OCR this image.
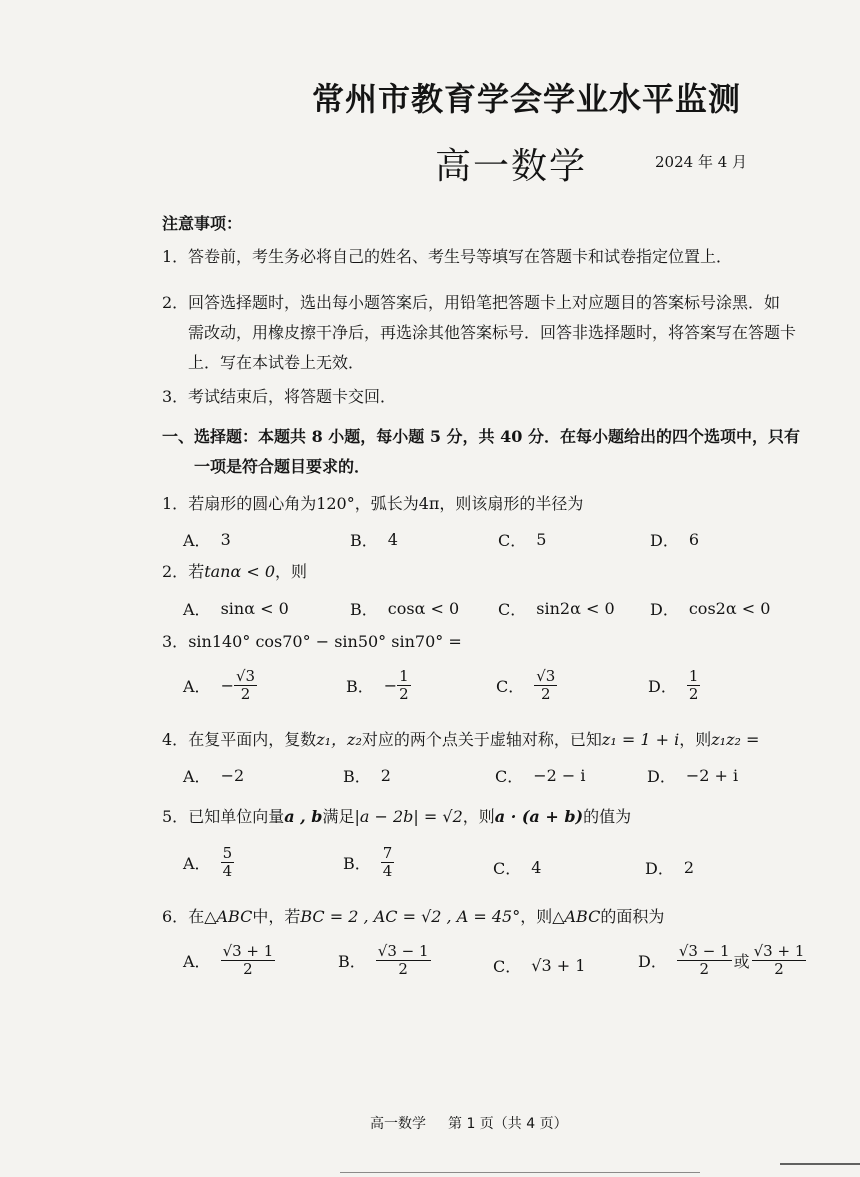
常州市教育学会学业水平监测
高一数学	2024 年 4 月
注意事项：
1．答卷前，考生务必将自己的姓名、考生号等填写在答题卡和试卷指定位置上．
2．回答选择题时，选出每小题答案后，用铅笔把答题卡上对应题目的答案标号涂黑．如
需改动，用橡皮擦干净后，再选涂其他答案标号．回答非选择题时，将答案写在答题卡
上．写在本试卷上无效．
3．考试结束后，将答题卡交回．
一、选择题：本题共 8 小题，每小题 5 分，共 40 分．在每小题给出的四个选项中，只有
一项是符合题目要求的．
1．若扇形的圆心角为120°，弧长为4π，则该扇形的半径为
A． 3	B． 4	C． 5	D． 6
2．若tanα < 0，则
A． sinα < 0	B． cosα < 0 C． sin2α < 0 D． cos2α < 0
3．sin140° cos70° − sin50° sin70° =
A． − $\frac{√3}{2}$	B． − $\frac{1}{2}$	C． $\frac{√3}{2}$	D． $\frac{1}{2}$
4．在复平面内，复数z₁，z₂对应的两个点关于虚轴对称，已知z₁ = 1 + i，则z₁z₂ =
A． −2	B． 2	C． −2 − i	D． −2 + i
5．已知单位向量a , b满足|a − 2b| = √2，则a · (a + b)的值为
A． $\frac{5}{4}$	B． $\frac{7}{4}$	C． 4	D． 2
6．在△ABC中，若BC = 2 , AC = √2 , A = 45°，则△ABC的面积为
A． $\frac{√3 + 1}{2}$	B． $\frac{√3 - 1}{2}$	C． √3 + 1	D． $\frac{√3 - 1}{2}$ 或 $\frac{√3 + 1}{2}$
高一数学 第 1 页（共 4 页）
